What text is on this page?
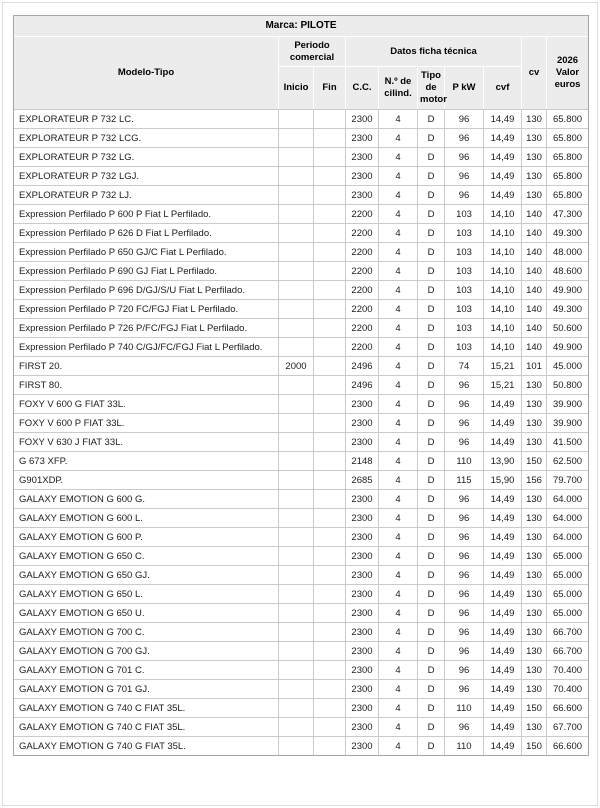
Marca: PILOTE									
Modelo-Tipo	Periodo comercial		Datos ficha técnica					cv	2026 Valor euros
	Inicio	Fin	C.C.	N.º de cilind.	Tipo de motor	P kW	cvf		
EXPLORATEUR P 732 LC.			2300	4	D	96	14,49	130	65.800
EXPLORATEUR P 732 LCG.			2300	4	D	96	14,49	130	65.800
EXPLORATEUR P 732 LG.			2300	4	D	96	14,49	130	65.800
EXPLORATEUR P 732 LGJ.			2300	4	D	96	14,49	130	65.800
EXPLORATEUR P 732 LJ.			2300	4	D	96	14,49	130	65.800
Expression Perfilado P 600 P Fiat L Perfilado.			2200	4	D	103	14,10	140	47.300
Expression Perfilado P 626 D Fiat L Perfilado.			2200	4	D	103	14,10	140	49.300
Expression Perfilado P 650 GJ/C Fiat L Perfilado.			2200	4	D	103	14,10	140	48.000
Expression Perfilado P 690 GJ Fiat L Perfilado.			2200	4	D	103	14,10	140	48.600
Expression Perfilado P 696 D/GJ/S/U Fiat L Perfilado.			2200	4	D	103	14,10	140	49.900
Expression Perfilado P 720 FC/FGJ Fiat L Perfilado.			2200	4	D	103	14,10	140	49.300
Expression Perfilado P 726 P/FC/FGJ Fiat L Perfilado.			2200	4	D	103	14,10	140	50.600
Expression Perfilado P 740 C/GJ/FC/FGJ Fiat L Perfilado.			2200	4	D	103	14,10	140	49.900
FIRST 20.	2000		2496	4	D	74	15,21	101	45.000
FIRST 80.			2496	4	D	96	15,21	130	50.800
FOXY V 600 G FIAT 33L.			2300	4	D	96	14,49	130	39.900
FOXY V 600 P FIAT 33L.			2300	4	D	96	14,49	130	39.900
FOXY V 630 J FIAT 33L.			2300	4	D	96	14,49	130	41.500
G 673 XFP.			2148	4	D	110	13,90	150	62.500
G901XDP.			2685	4	D	115	15,90	156	79.700
GALAXY EMOTION G 600 G.			2300	4	D	96	14,49	130	64.000
GALAXY EMOTION G 600 L.			2300	4	D	96	14,49	130	64.000
GALAXY EMOTION G 600 P.			2300	4	D	96	14,49	130	64.000
GALAXY EMOTION G 650 C.			2300	4	D	96	14,49	130	65.000
GALAXY EMOTION G 650 GJ.			2300	4	D	96	14,49	130	65.000
GALAXY EMOTION G 650 L.			2300	4	D	96	14,49	130	65.000
GALAXY EMOTION G 650 U.			2300	4	D	96	14,49	130	65.000
GALAXY EMOTION G 700 C.			2300	4	D	96	14,49	130	66.700
GALAXY EMOTION G 700 GJ.			2300	4	D	96	14,49	130	66.700
GALAXY EMOTION G 701 C.			2300	4	D	96	14,49	130	70.400
GALAXY EMOTION G 701 GJ.			2300	4	D	96	14,49	130	70.400
GALAXY EMOTION G 740 C FIAT 35L.			2300	4	D	110	14,49	150	66.600
GALAXY EMOTION G 740 C FIAT 35L.			2300	4	D	96	14,49	130	67.700
GALAXY EMOTION G 740 G FIAT 35L.			2300	4	D	110	14,49	150	66.600
